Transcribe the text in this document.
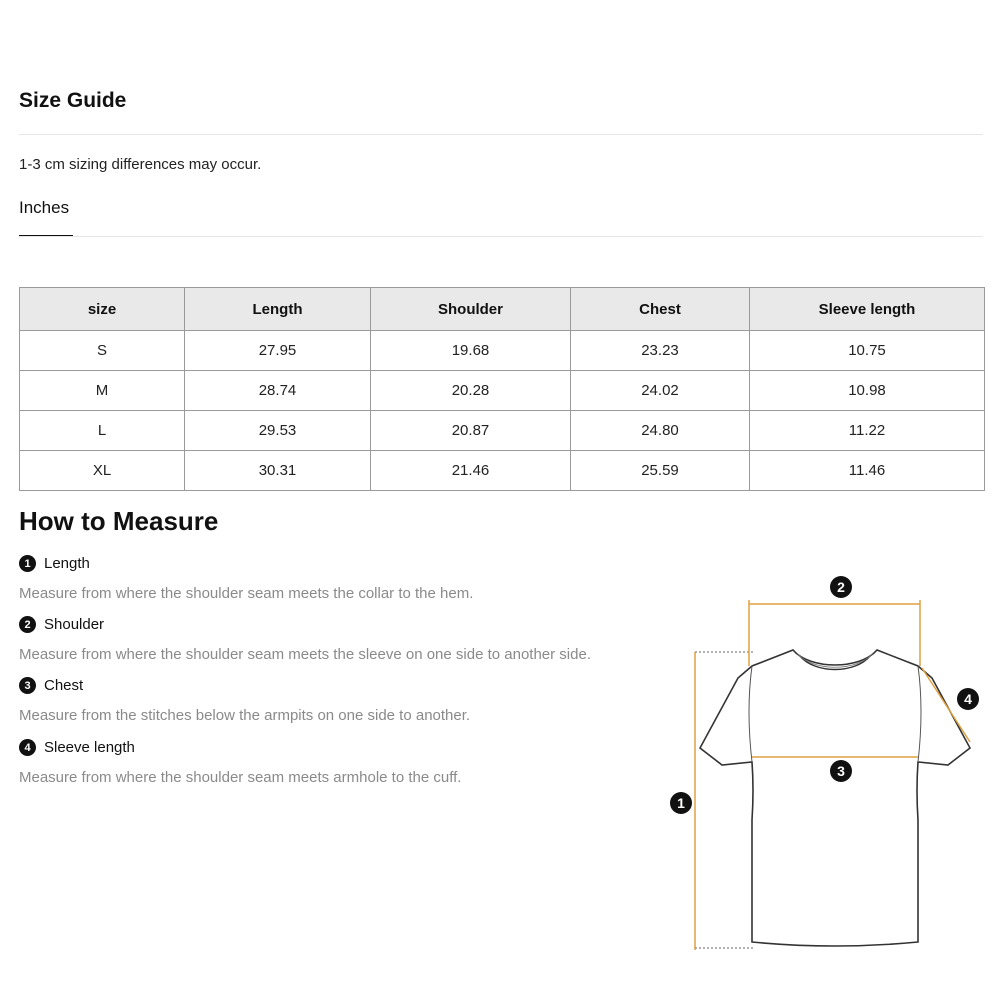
Size Guide
1-3 cm sizing differences may occur.
Inches
size	Length	Shoulder	Chest	Sleeve length
S	27.95	19.68	23.23	10.75
M	28.74	20.28	24.02	10.98
L	29.53	20.87	24.80	11.22
XL	30.31	21.46	25.59	11.46
How to Measure
1 Length
Measure from where the shoulder seam meets the collar to the hem.
2 Shoulder
Measure from where the shoulder seam meets the sleeve on one side to another side.
3 Chest
Measure from the stitches below the armpits on one side to another.
4 Sleeve length
Measure from where the shoulder seam meets armhole to the cuff.
1
2
3
4
